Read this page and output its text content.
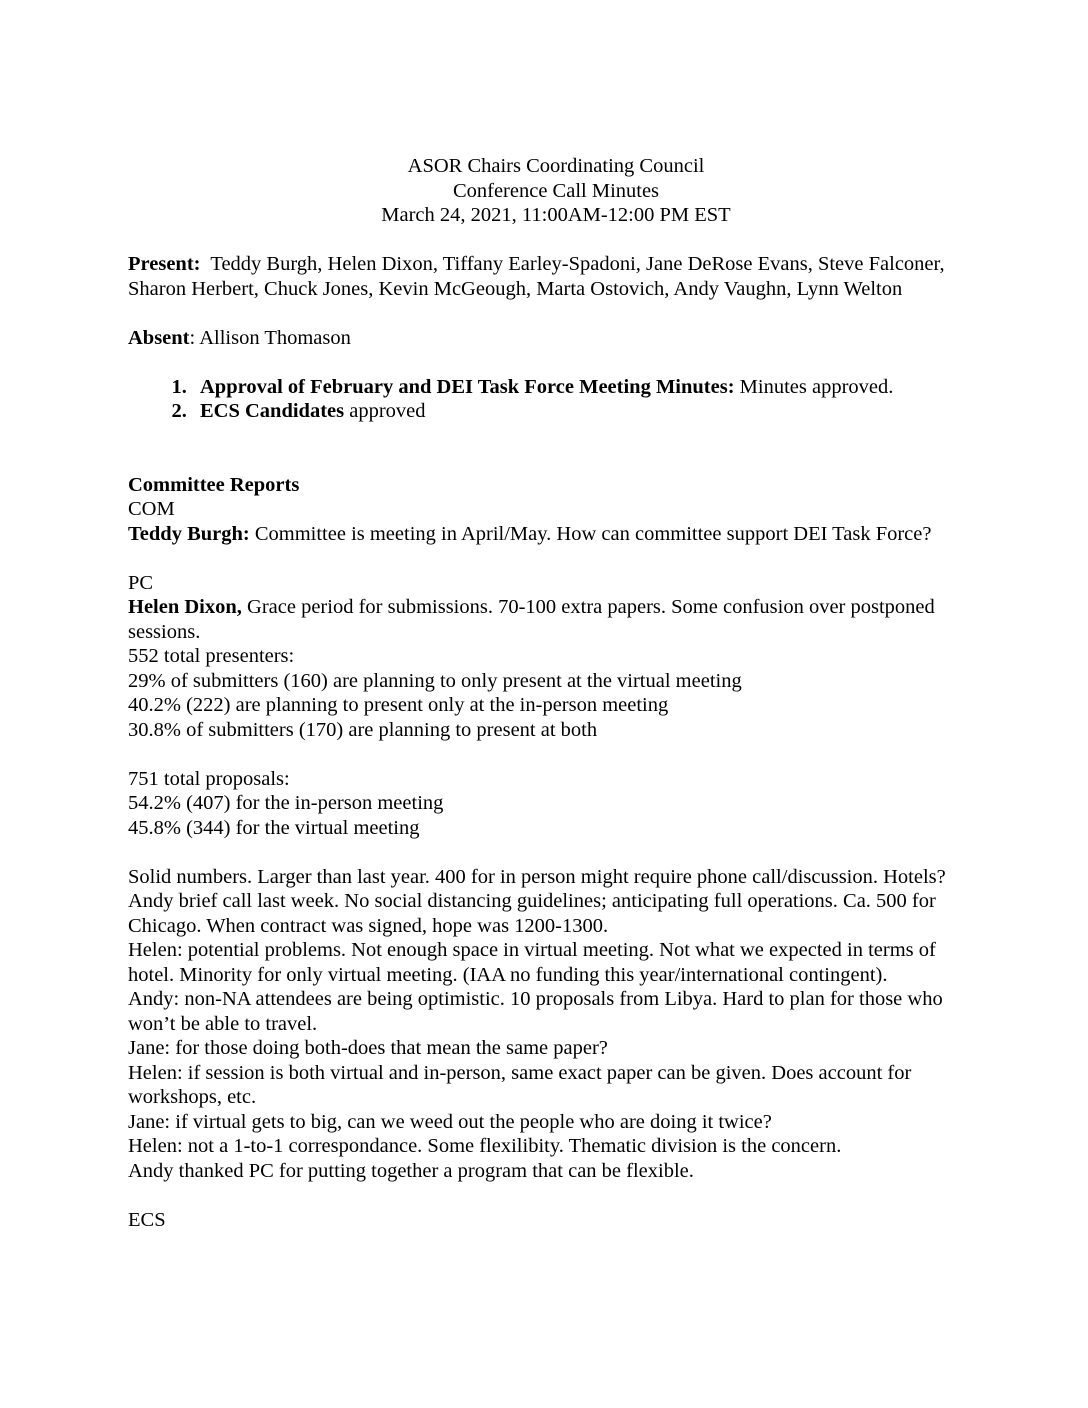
ASOR Chairs Coordinating Council
Conference Call Minutes
March 24, 2021, 11:00AM-12:00 PM EST

Present:  Teddy Burgh, Helen Dixon, Tiffany Earley-Spadoni, Jane DeRose Evans, Steve Falconer, Sharon Herbert, Chuck Jones, Kevin McGeough, Marta Ostovich, Andy Vaughn, Lynn Welton

Absent: Allison Thomason

1. Approval of February and DEI Task Force Meeting Minutes: Minutes approved.
2. ECS Candidates approved

Committee Reports

COM

Teddy Burgh: Committee is meeting in April/May. How can committee support DEI Task Force?

PC

Helen Dixon, Grace period for submissions. 70-100 extra papers. Some confusion over postponed sessions.

552 total presenters:

29% of submitters (160) are planning to only present at the virtual meeting

40.2% (222) are planning to present only at the in-person meeting

30.8% of submitters (170) are planning to present at both

751 total proposals:

54.2% (407) for the in-person meeting

45.8% (344) for the virtual meeting

Solid numbers. Larger than last year. 400 for in person might require phone call/discussion. Hotels? Andy brief call last week. No social distancing guidelines; anticipating full operations. Ca. 500 for Chicago. When contract was signed, hope was 1200-1300.

Helen: potential problems. Not enough space in virtual meeting. Not what we expected in terms of hotel. Minority for only virtual meeting. (IAA no funding this year/international contingent).

Andy: non-NA attendees are being optimistic. 10 proposals from Libya. Hard to plan for those who won’t be able to travel.

Jane: for those doing both-does that mean the same paper?

Helen: if session is both virtual and in-person, same exact paper can be given. Does account for workshops, etc.

Jane: if virtual gets to big, can we weed out the people who are doing it twice?

Helen: not a 1-to-1 correspondance. Some flexilibity. Thematic division is the concern.

Andy thanked PC for putting together a program that can be flexible.

ECS
